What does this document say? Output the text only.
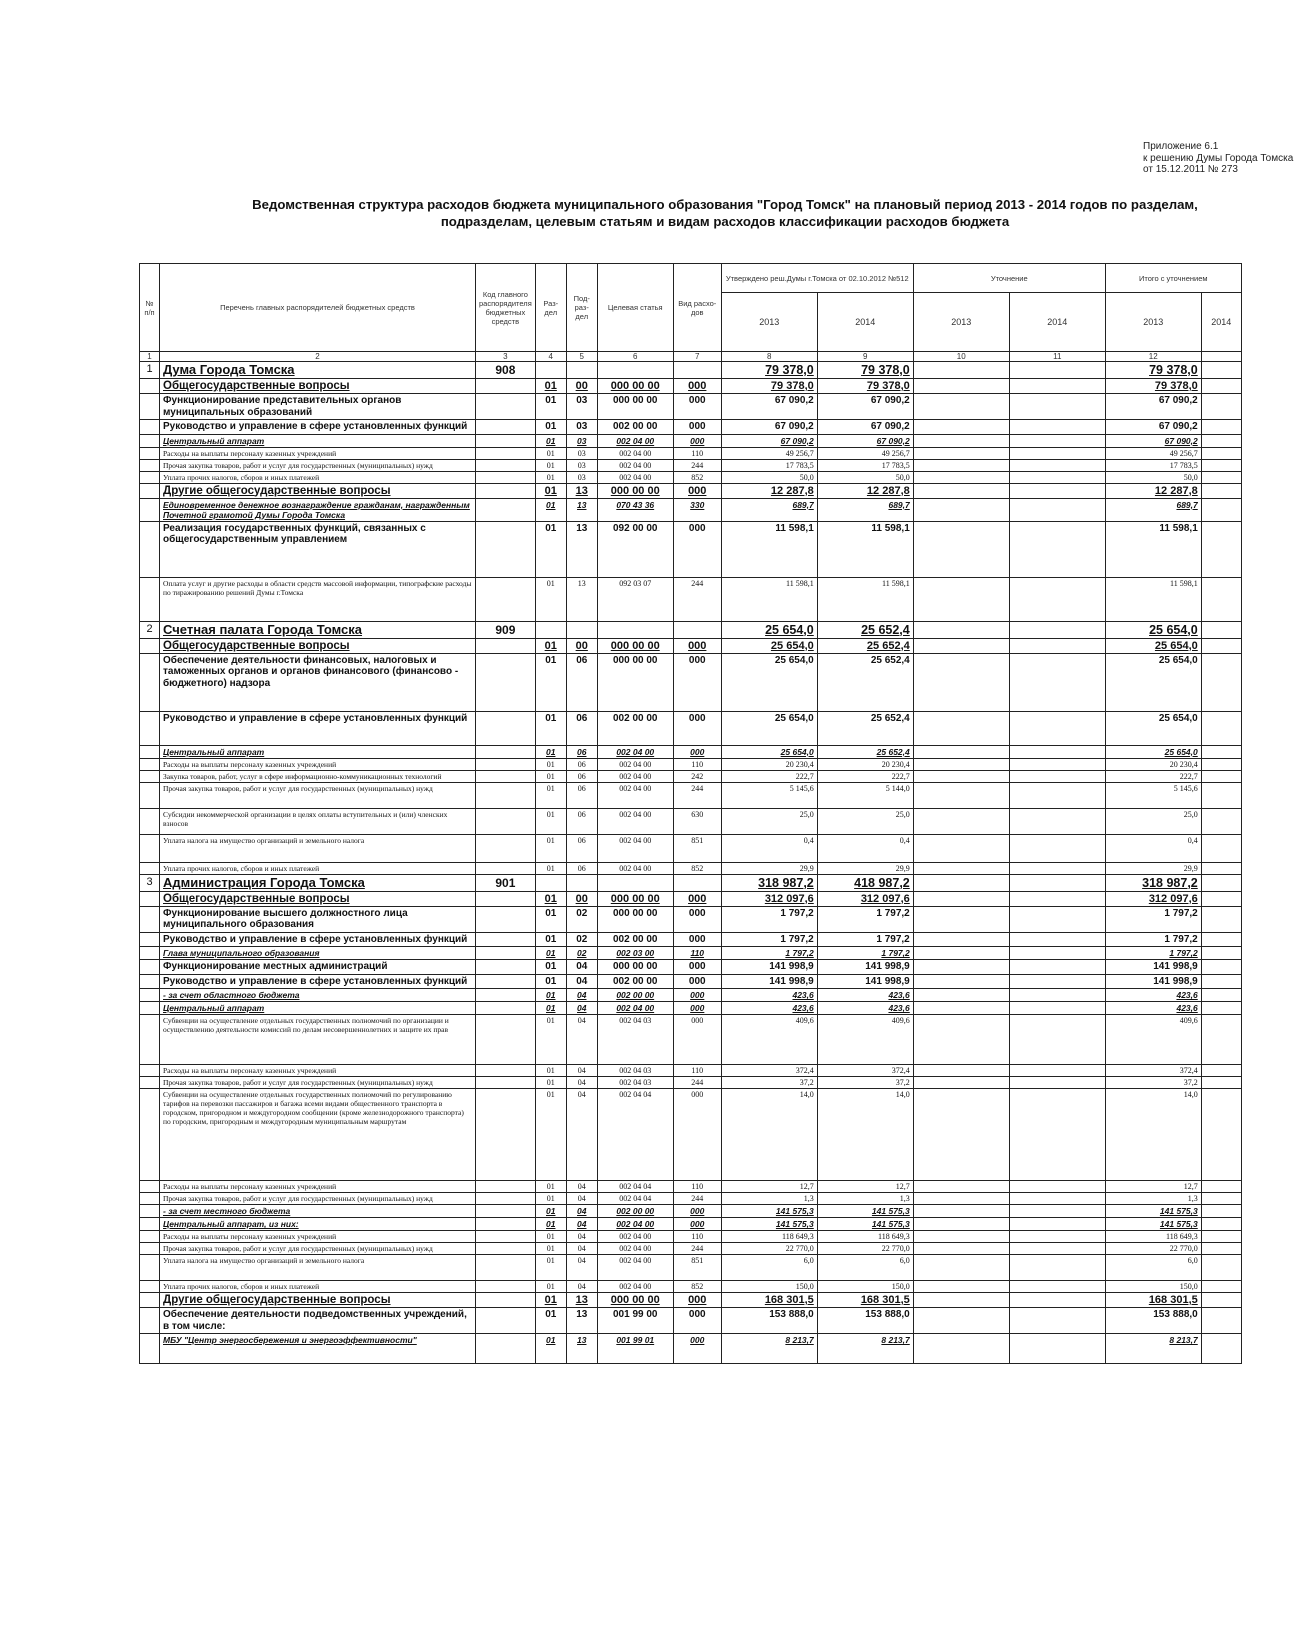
Приложение 6.1
к решению Думы Города Томска
от 15.12.2011 № 273
Ведомственная структура расходов бюджета муниципального образования "Город Томск" на плановый период 2013 - 2014 годов по разделам,
подразделам, целевым статьям и видам расходов классификации расходов бюджета
№ п/п	Перечень главных распорядителей бюджетных средств	Код главного распорядителя бюджетных средств	Раз-дел	Под-раз-дел	Целевая статья	Вид расхо-дов	Утверждено реш.Думы г.Томска от 02.10.2012 №512		Уточнение		Итого с уточнением	
							2013	2014	2013	2014	2013	2014
1	2	3	4	5	6	7	8	9	10	11	12	
1	Дума Города Томска	908					79 378,0	79 378,0			79 378,0	
	Общегосударственные вопросы		01	00	000 00 00	000	79 378,0	79 378,0			79 378,0	
	Функционирование представительных органов муниципальных образований		01	03	000 00 00	000	67 090,2	67 090,2			67 090,2	
	Руководство и управление в сфере установленных функций		01	03	002 00 00	000	67 090,2	67 090,2			67 090,2	
	Центральный аппарат		01	03	002 04 00	000	67 090,2	67 090,2			67 090,2	
	Расходы на выплаты персоналу казенных учреждений		01	03	002 04 00	110	49 256,7	49 256,7			49 256,7	
	Прочая закупка товаров, работ и услуг для государственных (муниципальных) нужд		01	03	002 04 00	244	17 783,5	17 783,5			17 783,5	
	Уплата прочих налогов, сборов и иных платежей		01	03	002 04 00	852	50,0	50,0			50,0	
	Другие общегосударственные вопросы		01	13	000 00 00	000	12 287,8	12 287,8			12 287,8	
	Единовременное денежное вознаграждение гражданам, награжденным Почетной грамотой Думы Города Томска		01	13	070 43 36	330	689,7	689,7			689,7	
	Реализация государственных функций, связанных с общегосударственным управлением		01	13	092 00 00	000	11 598,1	11 598,1			11 598,1	
	Оплата услуг и другие расходы в области средств массовой информации, типографские расходы по тиражированию решений Думы г.Томска		01	13	092 03 07	244	11 598,1	11 598,1			11 598,1	
2	Счетная палата Города Томска	909					25 654,0	25 652,4			25 654,0	
	Общегосударственные вопросы		01	00	000 00 00	000	25 654,0	25 652,4			25 654,0	
	Обеспечение деятельности финансовых, налоговых и таможенных органов и органов финансового (финансово - бюджетного) надзора		01	06	000 00 00	000	25 654,0	25 652,4			25 654,0	
	Руководство и управление в сфере установленных функций		01	06	002 00 00	000	25 654,0	25 652,4			25 654,0	
	Центральный аппарат		01	06	002 04 00	000	25 654,0	25 652,4			25 654,0	
	Расходы на выплаты персоналу казенных учреждений		01	06	002 04 00	110	20 230,4	20 230,4			20 230,4	
	Закупка товаров, работ, услуг в сфере информационно-коммуникационных технологий		01	06	002 04 00	242	222,7	222,7			222,7	
	Прочая закупка товаров, работ и услуг для государственных (муниципальных) нужд		01	06	002 04 00	244	5 145,6	5 144,0			5 145,6	
	Субсидии некоммерческой организации в целях оплаты вступительных и (или) членских взносов		01	06	002 04 00	630	25,0	25,0			25,0	
	Уплата налога на имущество организаций и земельного налога		01	06	002 04 00	851	0,4	0,4			0,4	
	Уплата прочих налогов, сборов и иных платежей		01	06	002 04 00	852	29,9	29,9			29,9	
3	Администрация Города Томска	901					318 987,2	418 987,2			318 987,2	
	Общегосударственные вопросы		01	00	000 00 00	000	312 097,6	312 097,6			312 097,6	
	Функционирование высшего должностного лица муниципального образования		01	02	000 00 00	000	1 797,2	1 797,2			1 797,2	
	Руководство и управление в сфере установленных функций		01	02	002 00 00	000	1 797,2	1 797,2			1 797,2	
	Глава муниципального образования		01	02	002 03 00	110	1 797,2	1 797,2			1 797,2	
	Функционирование местных администраций		01	04	000 00 00	000	141 998,9	141 998,9			141 998,9	
	Руководство и управление в сфере установленных функций		01	04	002 00 00	000	141 998,9	141 998,9			141 998,9	
	- за счет областного бюджета		01	04	002 00 00	000	423,6	423,6			423,6	
	Центральный аппарат		01	04	002 04 00	000	423,6	423,6			423,6	
	Субвенции на осуществление отдельных государственных полномочий по организации и осуществлению деятельности комиссий по делам несовершеннолетних и защите их прав		01	04	002 04 03	000	409,6	409,6			409,6	
	Расходы на выплаты персоналу казенных учреждений		01	04	002 04 03	110	372,4	372,4			372,4	
	Прочая закупка товаров, работ и услуг для государственных (муниципальных) нужд		01	04	002 04 03	244	37,2	37,2			37,2	
	Субвенции на осуществление отдельных государственных полномочий по регулированию тарифов на перевозки пассажиров и багажа всеми видами общественного транспорта в городском, пригородном и междугородном сообщении (кроме железнодорожного транспорта) по городским, пригородным и междугородным муниципальным маршрутам		01	04	002 04 04	000	14,0	14,0			14,0	
	Расходы на выплаты персоналу казенных учреждений		01	04	002 04 04	110	12,7	12,7			12,7	
	Прочая закупка товаров, работ и услуг для государственных (муниципальных) нужд		01	04	002 04 04	244	1,3	1,3			1,3	
	- за счет местного бюджета		01	04	002 00 00	000	141 575,3	141 575,3			141 575,3	
	Центральный аппарат, из них:		01	04	002 04 00	000	141 575,3	141 575,3			141 575,3	
	Расходы на выплаты персоналу казенных учреждений		01	04	002 04 00	110	118 649,3	118 649,3			118 649,3	
	Прочая закупка товаров, работ и услуг для государственных (муниципальных) нужд		01	04	002 04 00	244	22 770,0	22 770,0			22 770,0	
	Уплата налога на имущество организаций и земельного налога		01	04	002 04 00	851	6,0	6,0			6,0	
	Уплата прочих налогов, сборов и иных платежей		01	04	002 04 00	852	150,0	150,0			150,0	
	Другие общегосударственные вопросы		01	13	000 00 00	000	168 301,5	168 301,5			168 301,5	
	Обеспечение деятельности подведомственных учреждений, в том числе:		01	13	001 99 00	000	153 888,0	153 888,0			153 888,0	
	МБУ "Центр энергосбережения и энергоэффективности"		01	13	001 99 01	000	8 213,7	8 213,7			8 213,7	
